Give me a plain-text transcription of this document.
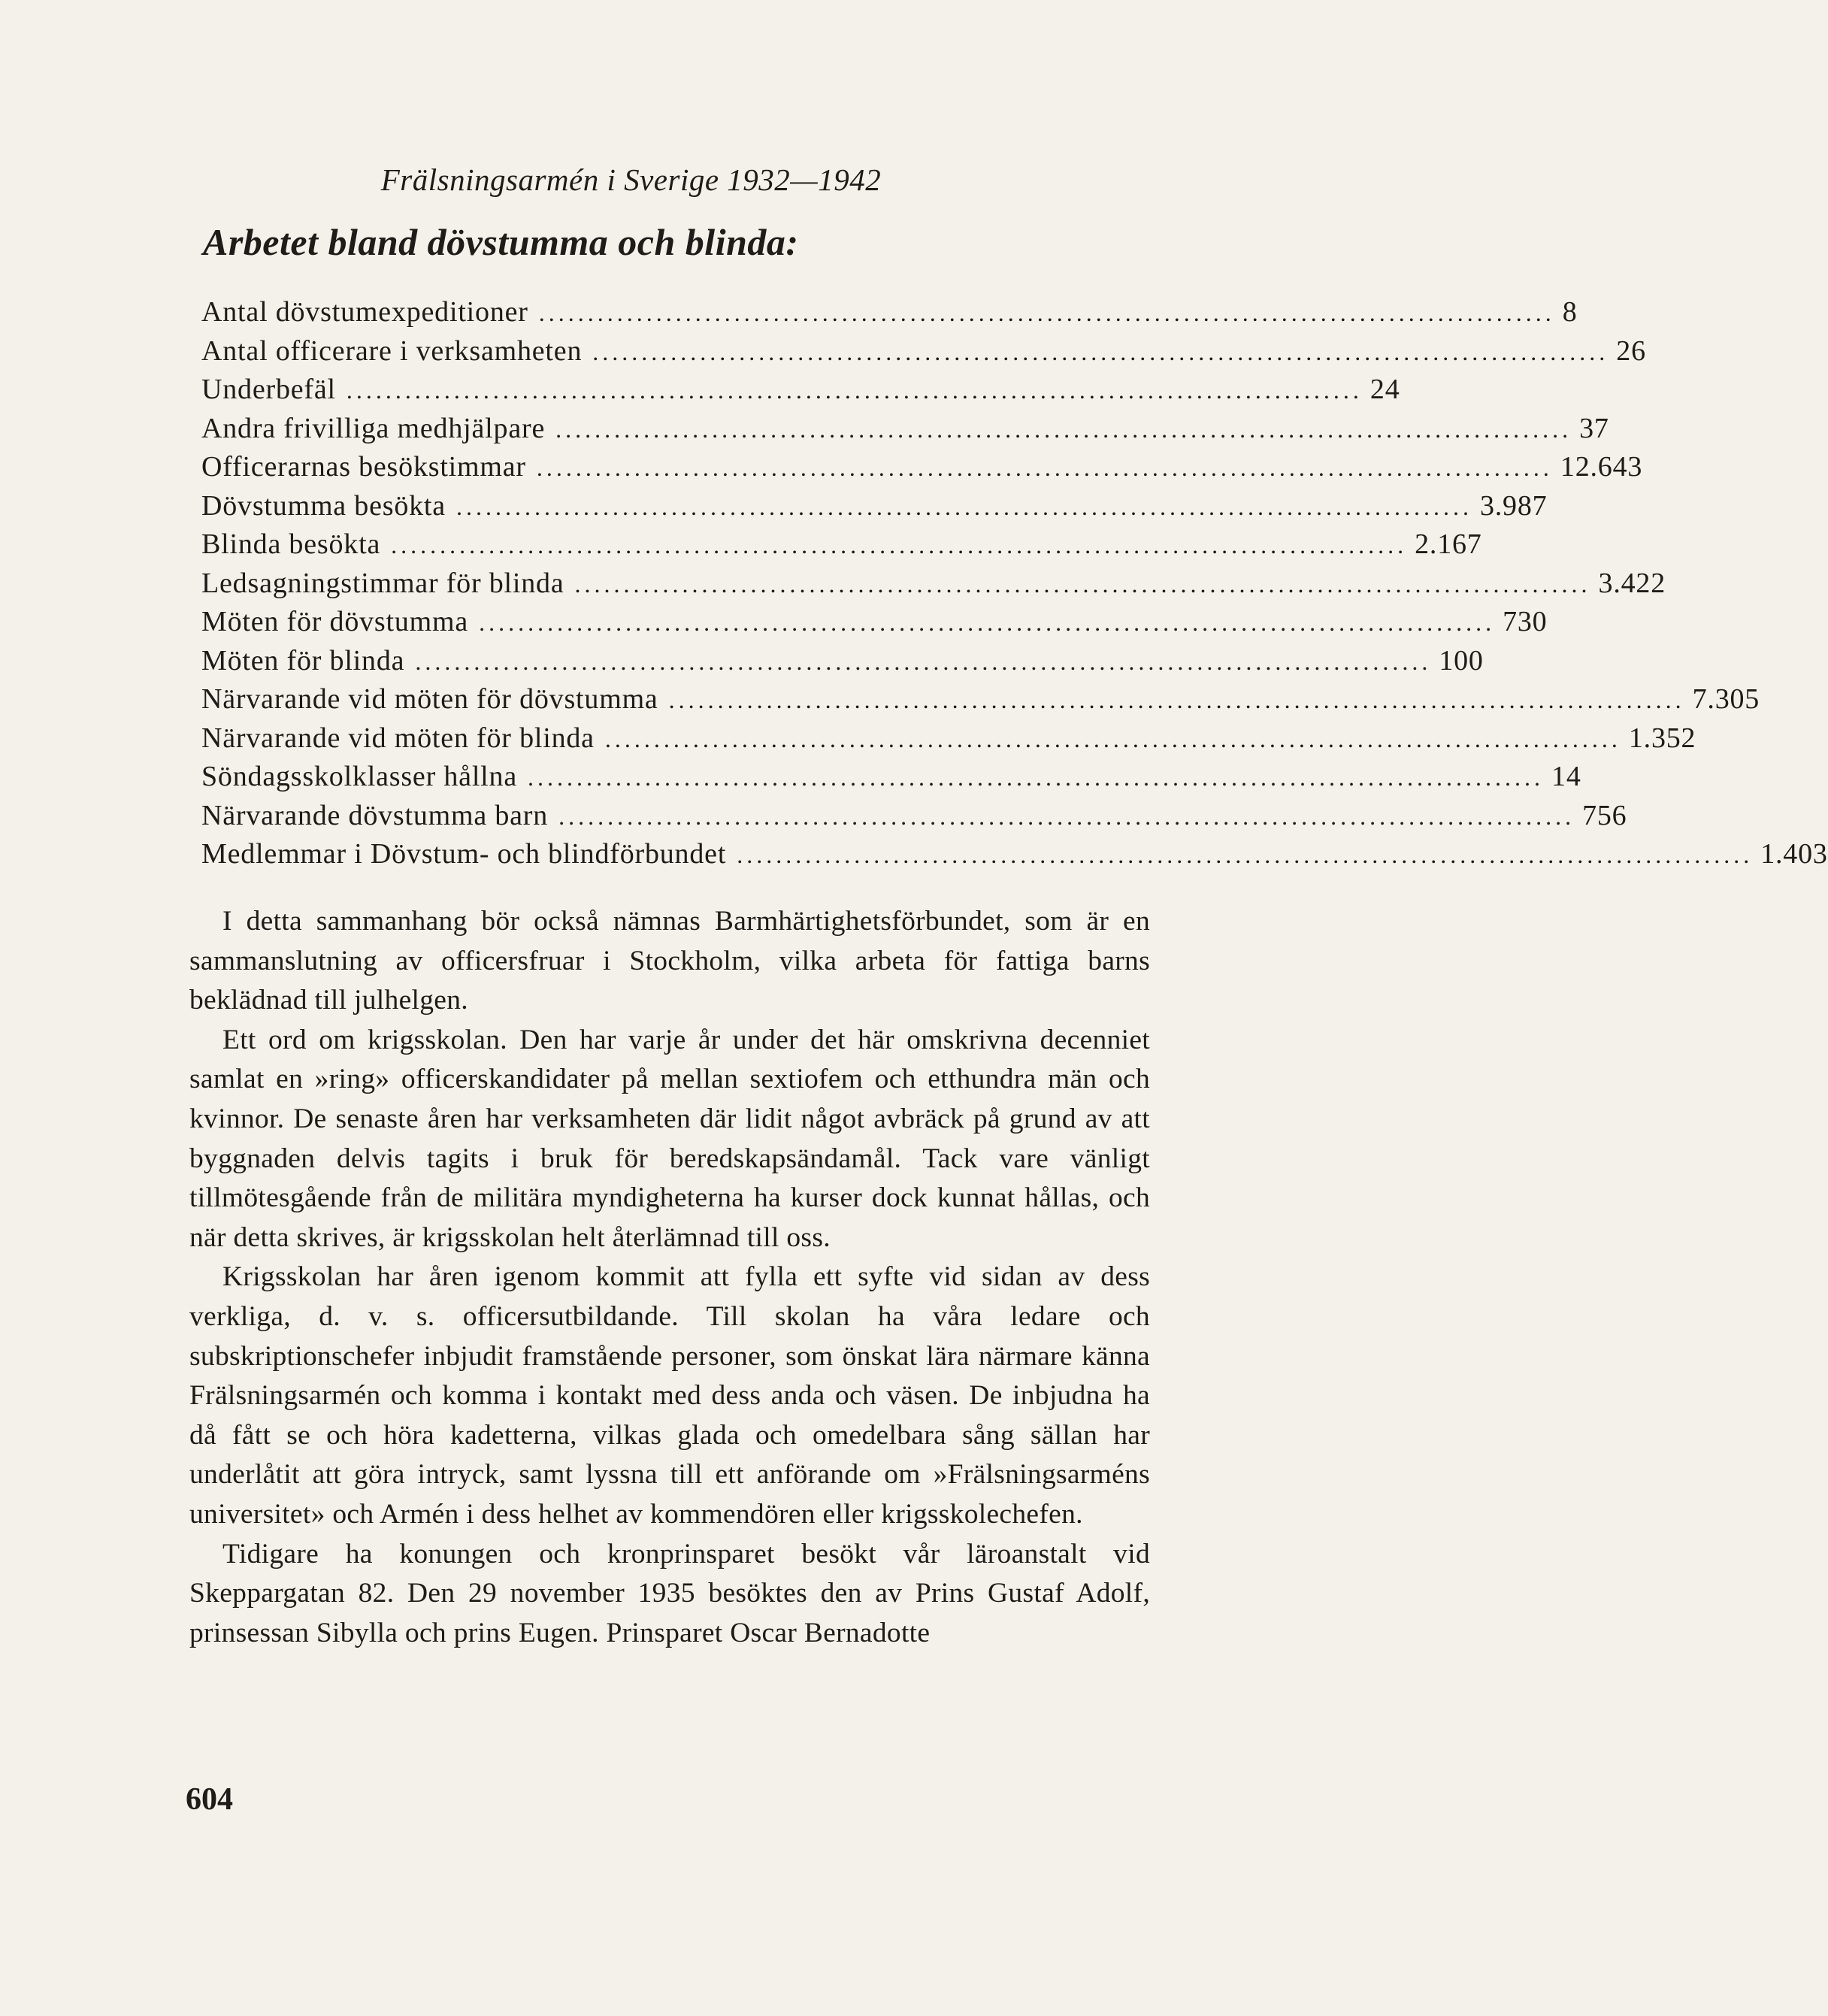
Frälsningsarmén i Sverige 1932—1942
Arbetet bland dövstumma och blinda:
Antal dövstumexpeditioner ........................................................................................................ 8
Antal officerare i verksamheten ........................................................................................................ 26
Underbefäl ........................................................................................................ 24
Andra frivilliga medhjälpare ........................................................................................................ 37
Officerarnas besökstimmar ........................................................................................................ 12.643
Dövstumma besökta ........................................................................................................ 3.987
Blinda besökta ........................................................................................................ 2.167
Ledsagningstimmar för blinda ........................................................................................................ 3.422
Möten för dövstumma ........................................................................................................ 730
Möten för blinda ........................................................................................................ 100
Närvarande vid möten för dövstumma ........................................................................................................ 7.305
Närvarande vid möten för blinda ........................................................................................................ 1.352
Söndagsskolklasser hållna ........................................................................................................ 14
Närvarande dövstumma barn ........................................................................................................ 756
Medlemmar i Dövstum- och blindförbundet ........................................................................................................ 1.403

I detta sammanhang bör också nämnas Barmhärtighetsförbundet, som är en sammanslutning av officersfruar i Stockholm, vilka arbeta för fattiga barns beklädnad till julhelgen.

Ett ord om krigsskolan. Den har varje år under det här omskrivna decenniet samlat en »ring» officerskandidater på mellan sextiofem och etthundra män och kvinnor. De senaste åren har verksamheten där lidit något avbräck på grund av att byggnaden delvis tagits i bruk för beredskapsändamål. Tack vare vänligt tillmötesgående från de militära myndigheterna ha kurser dock kunnat hållas, och när detta skrives, är krigsskolan helt återlämnad till oss.

Krigsskolan har åren igenom kommit att fylla ett syfte vid sidan av dess verkliga, d. v. s. officersutbildande. Till skolan ha våra ledare och subskriptionschefer inbjudit framstående personer, som önskat lära närmare känna Frälsningsarmén och komma i kontakt med dess anda och väsen. De inbjudna ha då fått se och höra kadetterna, vilkas glada och omedelbara sång sällan har underlåtit att göra intryck, samt lyssna till ett anförande om »Frälsningsarméns universitet» och Armén i dess helhet av kommendören eller krigsskolechefen.

Tidigare ha konungen och kronprinsparet besökt vår läroanstalt vid Skeppargatan 82. Den 29 november 1935 besöktes den av Prins Gustaf Adolf, prinsessan Sibylla och prins Eugen. Prinsparet Oscar Bernadotte

604
